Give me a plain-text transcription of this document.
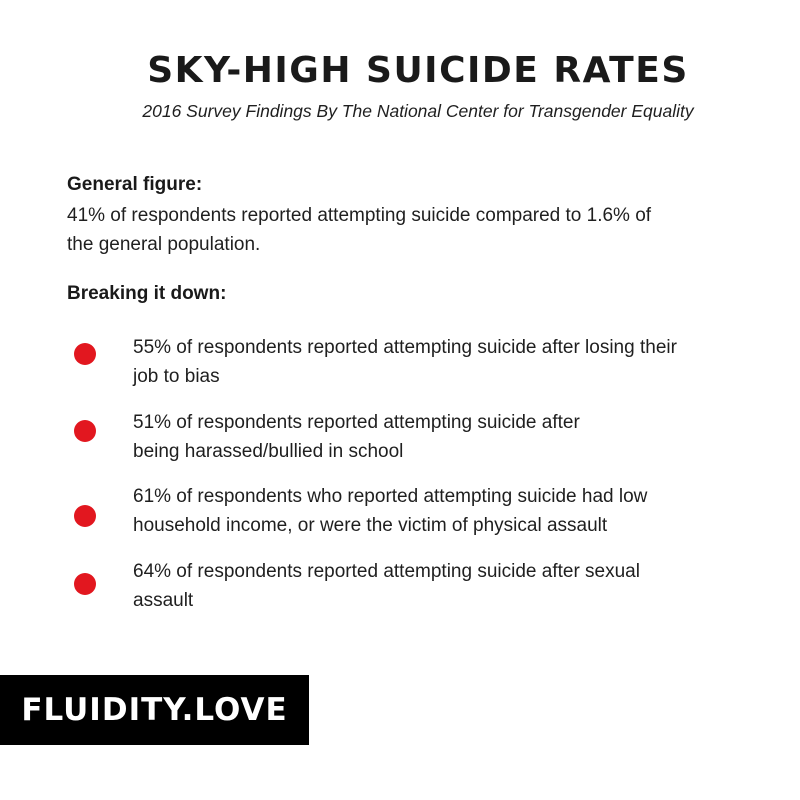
SKY-HIGH SUICIDE RATES
2016 Survey Findings By The National Center for Transgender Equality
General figure:
41% of respondents reported attempting suicide compared to 1.6% of
the general population.
Breaking it down:
55% of respondents reported attempting suicide after losing their
job to bias
51% of respondents reported attempting suicide after
being harassed/bullied in school
61% of respondents who reported attempting suicide had low
household income, or were the victim of physical assault
64% of respondents reported attempting suicide after sexual
assault
FLUIDITY.LOVE
